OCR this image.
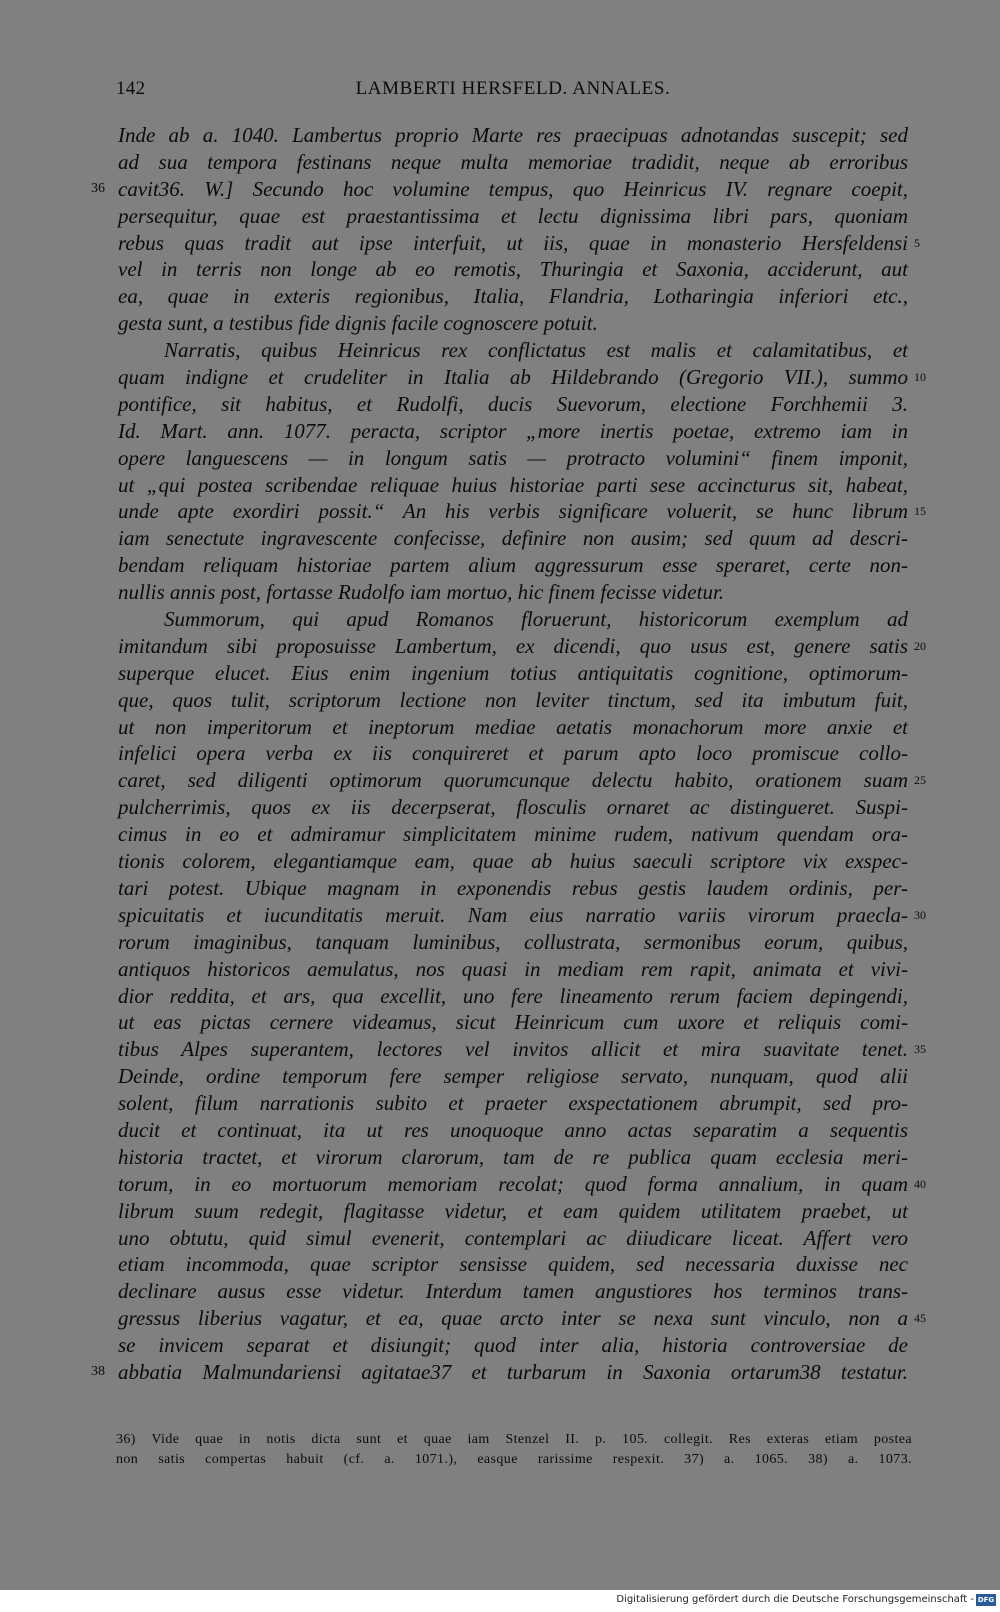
142	LAMBERTI HERSFELD. ANNALES.
Inde ab a. 1040. Lambertus proprio Marte res praecipuas adnotandas suscepit; sed
ad sua tempora festinans neque multa memoriae tradidit, neque ab erroribus
36 cavit36. W.] Secundo hoc volumine tempus, quo Heinricus IV. regnare coepit,
persequitur, quae est praestantissima et lectu dignissima libri pars, quoniam
rebus quas tradit aut ipse interfuit, ut iis, quae in monasterio Hersfeldensi 5
vel in terris non longe ab eo remotis, Thuringia et Saxonia, acciderunt, aut
ea, quae in exteris regionibus, Italia, Flandria, Lotharingia inferiori etc.,
gesta sunt, a testibus fide dignis facile cognoscere potuit.
Narratis, quibus Heinricus rex conflictatus est malis et calamitatibus, et
quam indigne et crudeliter in Italia ab Hildebrando (Gregorio VII.), summo 10
pontifice, sit habitus, et Rudolfi, ducis Suevorum, electione Forchhemii 3.
Id. Mart. ann. 1077. peracta, scriptor „more inertis poetae, extremo iam in
opere languescens — in longum satis — protracto volumini“ finem imponit,
ut „qui postea scribendae reliquae huius historiae parti sese accincturus sit, habeat,
unde apte exordiri possit.“ An his verbis significare voluerit, se hunc librum 15
iam senectute ingravescente confecisse, definire non ausim; sed quum ad descri-
bendam reliquam historiae partem alium aggressurum esse speraret, certe non-
nullis annis post, fortasse Rudolfo iam mortuo, hic finem fecisse videtur.
Summorum, qui apud Romanos floruerunt, historicorum exemplum ad
imitandum sibi proposuisse Lambertum, ex dicendi, quo usus est, genere satis 20
superque elucet. Eius enim ingenium totius antiquitatis cognitione, optimorum-
que, quos tulit, scriptorum lectione non leviter tinctum, sed ita imbutum fuit,
ut non imperitorum et ineptorum mediae aetatis monachorum more anxie et
infelici opera verba ex iis conquireret et parum apto loco promiscue collo-
caret, sed diligenti optimorum quorumcunque delectu habito, orationem suam 25
pulcherrimis, quos ex iis decerpserat, flosculis ornaret ac distingueret. Suspi-
cimus in eo et admiramur simplicitatem minime rudem, nativum quendam ora-
tionis colorem, elegantiamque eam, quae ab huius saeculi scriptore vix exspec-
tari potest. Ubique magnam in exponendis rebus gestis laudem ordinis, per-
spicuitatis et iucunditatis meruit. Nam eius narratio variis virorum praecla- 30
rorum imaginibus, tanquam luminibus, collustrata, sermonibus eorum, quibus,
antiquos historicos aemulatus, nos quasi in mediam rem rapit, animata et vivi-
dior reddita, et ars, qua excellit, uno fere lineamento rerum faciem depingendi,
ut eas pictas cernere videamus, sicut Heinricum cum uxore et reliquis comi-
tibus Alpes superantem, lectores vel invitos allicit et mira suavitate tenet. 35
Deinde, ordine temporum fere semper religiose servato, nunquam, quod alii
solent, filum narrationis subito et praeter exspectationem abrumpit, sed pro-
ducit et continuat, ita ut res unoquoque anno actas separatim a sequentis
historia tractet, et virorum clarorum, tam de re publica quam ecclesia meri-
torum, in eo mortuorum memoriam recolat; quod forma annalium, in quam 40
librum suum redegit, flagitasse videtur, et eam quidem utilitatem praebet, ut
uno obtutu, quid simul evenerit, contemplari ac diiudicare liceat. Affert vero
etiam incommoda, quae scriptor sensisse quidem, sed necessaria duxisse nec
declinare ausus esse videtur. Interdum tamen angustiores hos terminos trans-
gressus liberius vagatur, et ea, quae arcto inter se nexa sunt vinculo, non a 45
se invicem separat et disiungit; quod inter alia, historia controversiae de
38 abbatia Malmundariensi agitatae37 et turbarum in Saxonia ortarum38 testatur.
36) Vide quae in notis dicta sunt et quae iam Stenzel II. p. 105. collegit. Res exteras etiam postea
non satis compertas habuit (cf. a. 1071.), easque rarissime respexit. 37) a. 1065. 38) a. 1073.
Digitalisierung gefördert durch die Deutsche Forschungsgemeinschaft - DFG
